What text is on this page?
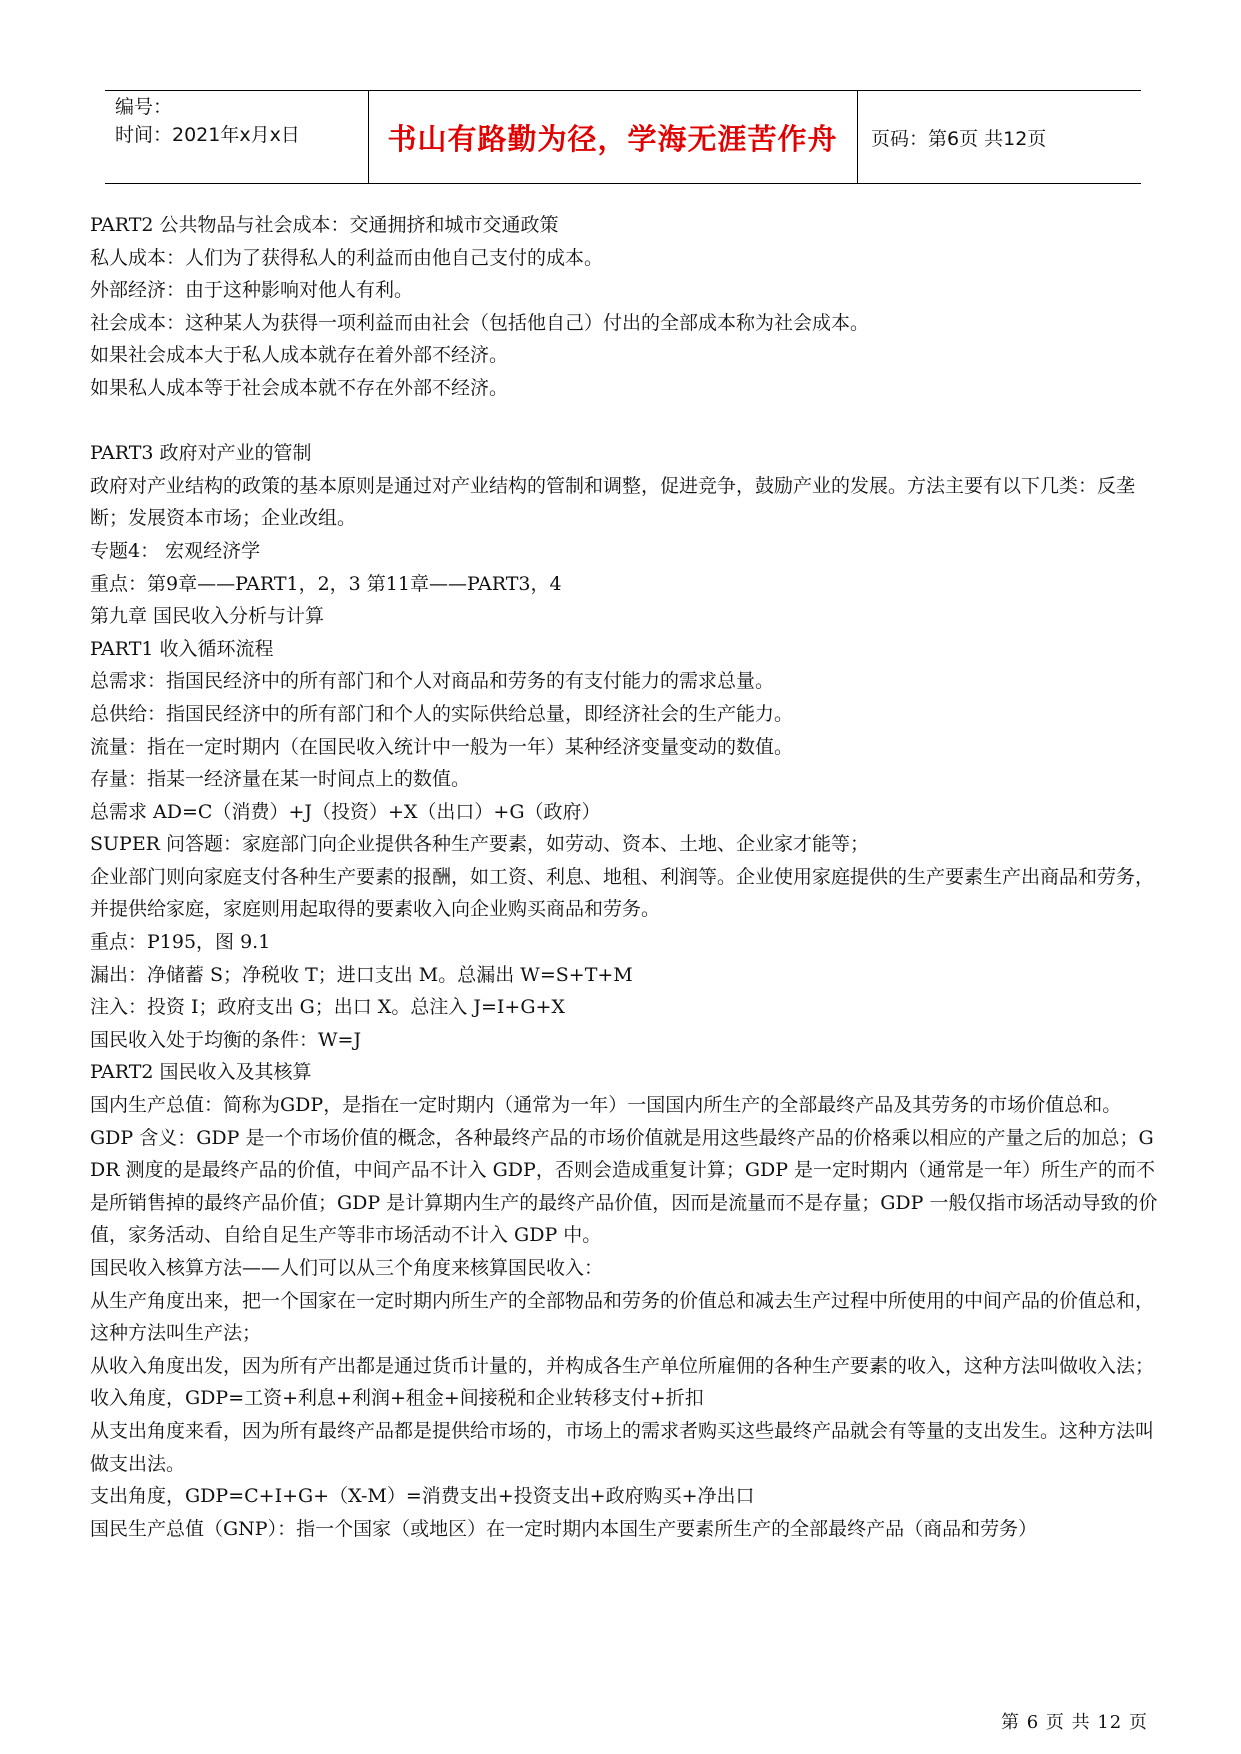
编号：
时间：2021年x月x日	书山有路勤为径，学海无涯苦作舟	页码：第6页 共12页

PART2 公共物品与社会成本：交通拥挤和城市交通政策

私人成本：人们为了获得私人的利益而由他自己支付的成本。

外部经济：由于这种影响对他人有利。

社会成本：这种某人为获得一项利益而由社会（包括他自己）付出的全部成本称为社会成本。

如果社会成本大于私人成本就存在着外部不经济。

如果私人成本等于社会成本就不存在外部不经济。

PART3 政府对产业的管制

政府对产业结构的政策的基本原则是通过对产业结构的管制和调整，促进竞争，鼓励产业的发展。方法主要有以下几类：反垄断；发展资本市场；企业改组。

专题4： 宏观经济学

重点：第9章——PART1，2，3 第11章——PART3，4

第九章 国民收入分析与计算

PART1 收入循环流程

总需求：指国民经济中的所有部门和个人对商品和劳务的有支付能力的需求总量。

总供给：指国民经济中的所有部门和个人的实际供给总量，即经济社会的生产能力。

流量：指在一定时期内（在国民收入统计中一般为一年）某种经济变量变动的数值。

存量：指某一经济量在某一时间点上的数值。

总需求 AD=C（消费）+J（投资）+X（出口）+G（政府）

SUPER 问答题：家庭部门向企业提供各种生产要素，如劳动、资本、土地、企业家才能等；

企业部门则向家庭支付各种生产要素的报酬，如工资、利息、地租、利润等。企业使用家庭提供的生产要素生产出商品和劳务，并提供给家庭，家庭则用起取得的要素收入向企业购买商品和劳务。

重点：P195，图 9.1

漏出：净储蓄 S；净税收 T；进口支出 M。总漏出 W=S+T+M

注入：投资 I；政府支出 G；出口 X。总注入 J=I+G+X

国民收入处于均衡的条件：W=J

PART2 国民收入及其核算

国内生产总值：简称为GDP，是指在一定时期内（通常为一年）一国国内所生产的全部最终产品及其劳务的市场价值总和。

GDP 含义：GDP 是一个市场价值的概念，各种最终产品的市场价值就是用这些最终产品的价格乘以相应的产量之后的加总；GDR 测度的是最终产品的价值，中间产品不计入 GDP，否则会造成重复计算；GDP 是一定时期内（通常是一年）所生产的而不是所销售掉的最终产品价值；GDP 是计算期内生产的最终产品价值，因而是流量而不是存量；GDP 一般仅指市场活动导致的价值，家务活动、自给自足生产等非市场活动不计入 GDP 中。

国民收入核算方法——人们可以从三个角度来核算国民收入：

从生产角度出来，把一个国家在一定时期内所生产的全部物品和劳务的价值总和减去生产过程中所使用的中间产品的价值总和，这种方法叫生产法；

从收入角度出发，因为所有产出都是通过货币计量的，并构成各生产单位所雇佣的各种生产要素的收入，这种方法叫做收入法；

收入角度，GDP=工资+利息+利润+租金+间接税和企业转移支付+折扣

从支出角度来看，因为所有最终产品都是提供给市场的，市场上的需求者购买这些最终产品就会有等量的支出发生。这种方法叫做支出法。

支出角度，GDP=C+I+G+（X-M）=消费支出+投资支出+政府购买+净出口

国民生产总值（GNP）：指一个国家（或地区）在一定时期内本国生产要素所生产的全部最终产品（商品和劳务）

第 6 页 共 12 页
